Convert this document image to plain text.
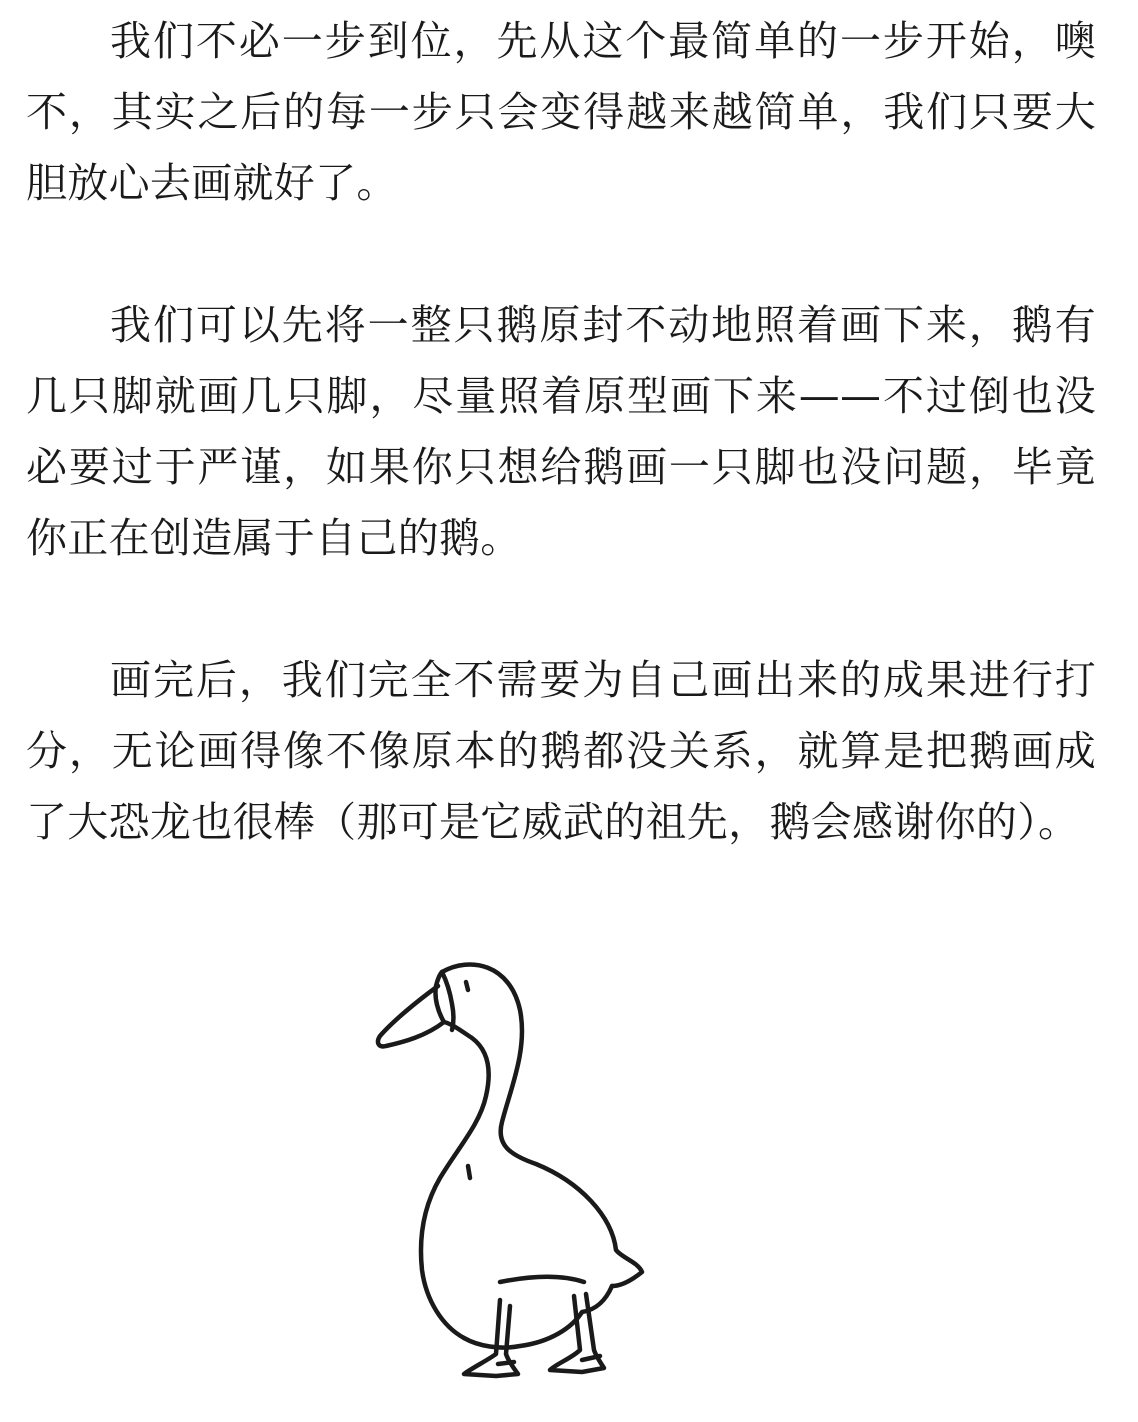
我们不必一步到位，先从这个最简单的一步开始，噢不，其实之后的每一步只会变得越来越简单，我们只要大胆放心去画就好了。

我们可以先将一整只鹅原封不动地照着画下来，鹅有几只脚就画几只脚，尽量照着原型画下来——不过倒也没必要过于严谨，如果你只想给鹅画一只脚也没问题，毕竟你正在创造属于自己的鹅。

画完后，我们完全不需要为自己画出来的成果进行打分，无论画得像不像原本的鹅都没关系，就算是把鹅画成了大恐龙也很棒（那可是它威武的祖先，鹅会感谢你的）。
